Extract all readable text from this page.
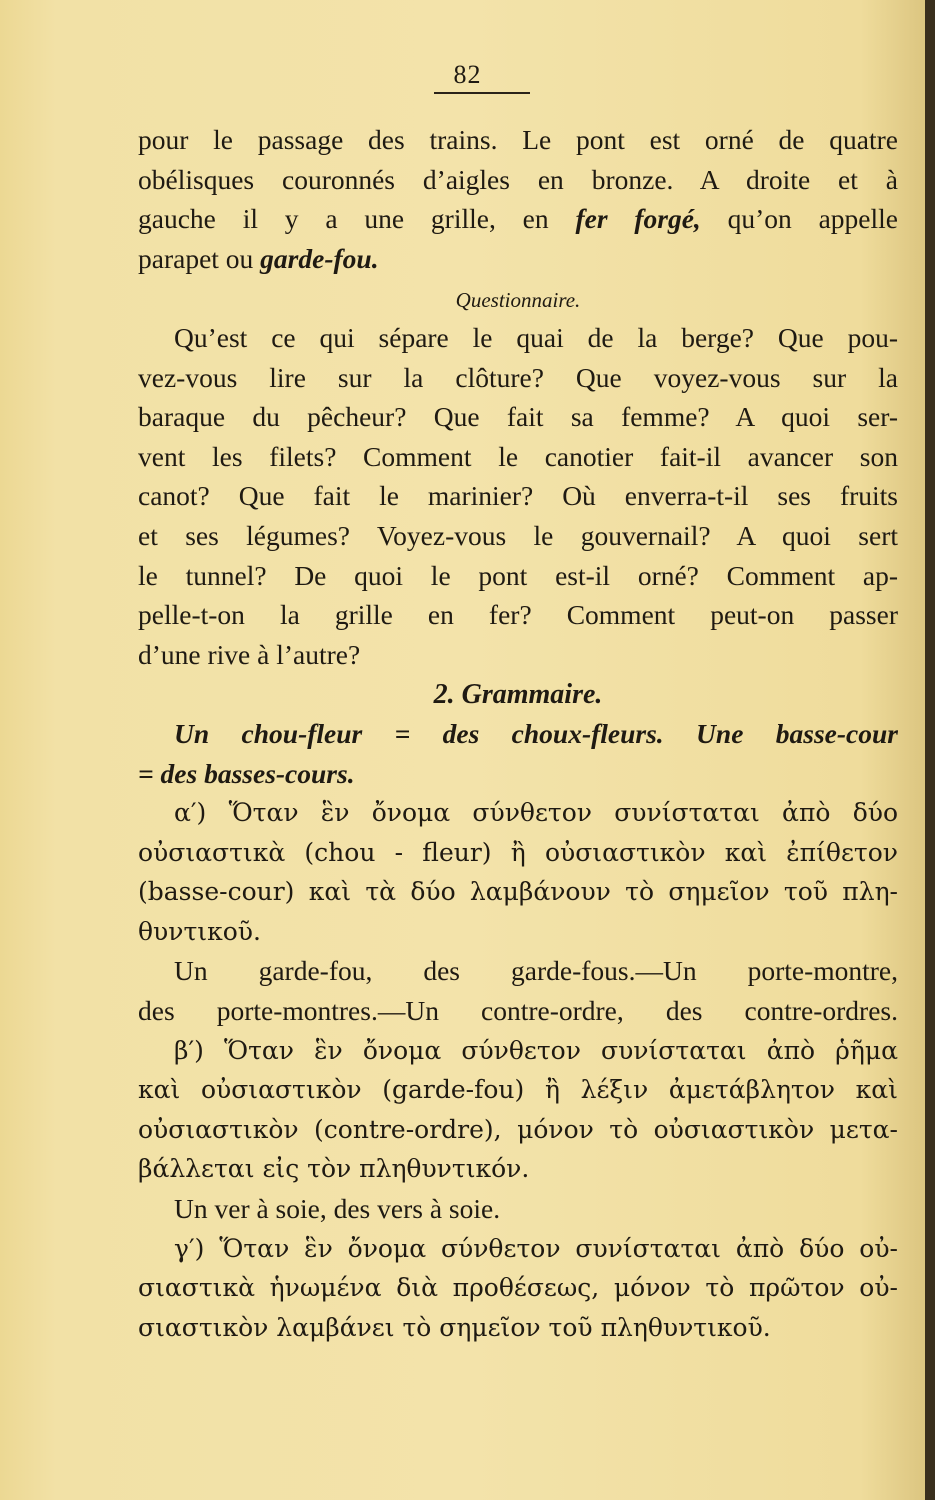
82
pour le passage des trains. Le pont est orné de quatre
obélisques couronnés d’aigles en bronze. A droite et à
gauche il y a une grille, en fer forgé, qu’on appelle
parapet ou garde-fou.
Questionnaire.
Qu’est ce qui sépare le quai de la berge? Que pou-
vez-vous lire sur la clôture? Que voyez-vous sur la
baraque du pêcheur? Que fait sa femme? A quoi ser-
vent les filets? Comment le canotier fait-il avancer son
canot? Que fait le marinier? Où enverra-t-il ses fruits
et ses légumes? Voyez-vous le gouvernail? A quoi sert
le tunnel? De quoi le pont est-il orné? Comment ap-
pelle-t-on la grille en fer? Comment peut-on passer
d’une rive à l’autre?
2. Grammaire.
Un chou-fleur = des choux-fleurs. Une basse-cour
= des basses-cours.
α′) Ὅταν ἓν ὄνομα σύνθετον συνίσταται ἀπὸ δύο
οὐσιαστικὰ (chou - fleur) ἢ οὐσιαστικὸν καὶ ἐπίθετον
(basse-cour) καὶ τὰ δύο λαμβάνουν τὸ σημεῖον τοῦ πλη-
θυντικοῦ.
Un garde-fou, des garde-fous.—Un porte-montre,
des porte-montres.—Un contre-ordre, des contre-ordres.
β′) Ὅταν ἓν ὄνομα σύνθετον συνίσταται ἀπὸ ῥῆμα
καὶ οὐσιαστικὸν (garde-fou) ἢ λέξιν ἀμετάβλητον καὶ
οὐσιαστικὸν (contre-ordre), μόνον τὸ οὐσιαστικὸν μετα-
βάλλεται εἰς τὸν πληθυντικόν.
Un ver à soie, des vers à soie.
γ′) Ὅταν ἓν ὄνομα σύνθετον συνίσταται ἀπὸ δύο οὐ-
σιαστικὰ ἡνωμένα διὰ προθέσεως, μόνον τὸ πρῶτον οὐ-
σιαστικὸν λαμβάνει τὸ σημεῖον τοῦ πληθυντικοῦ.
